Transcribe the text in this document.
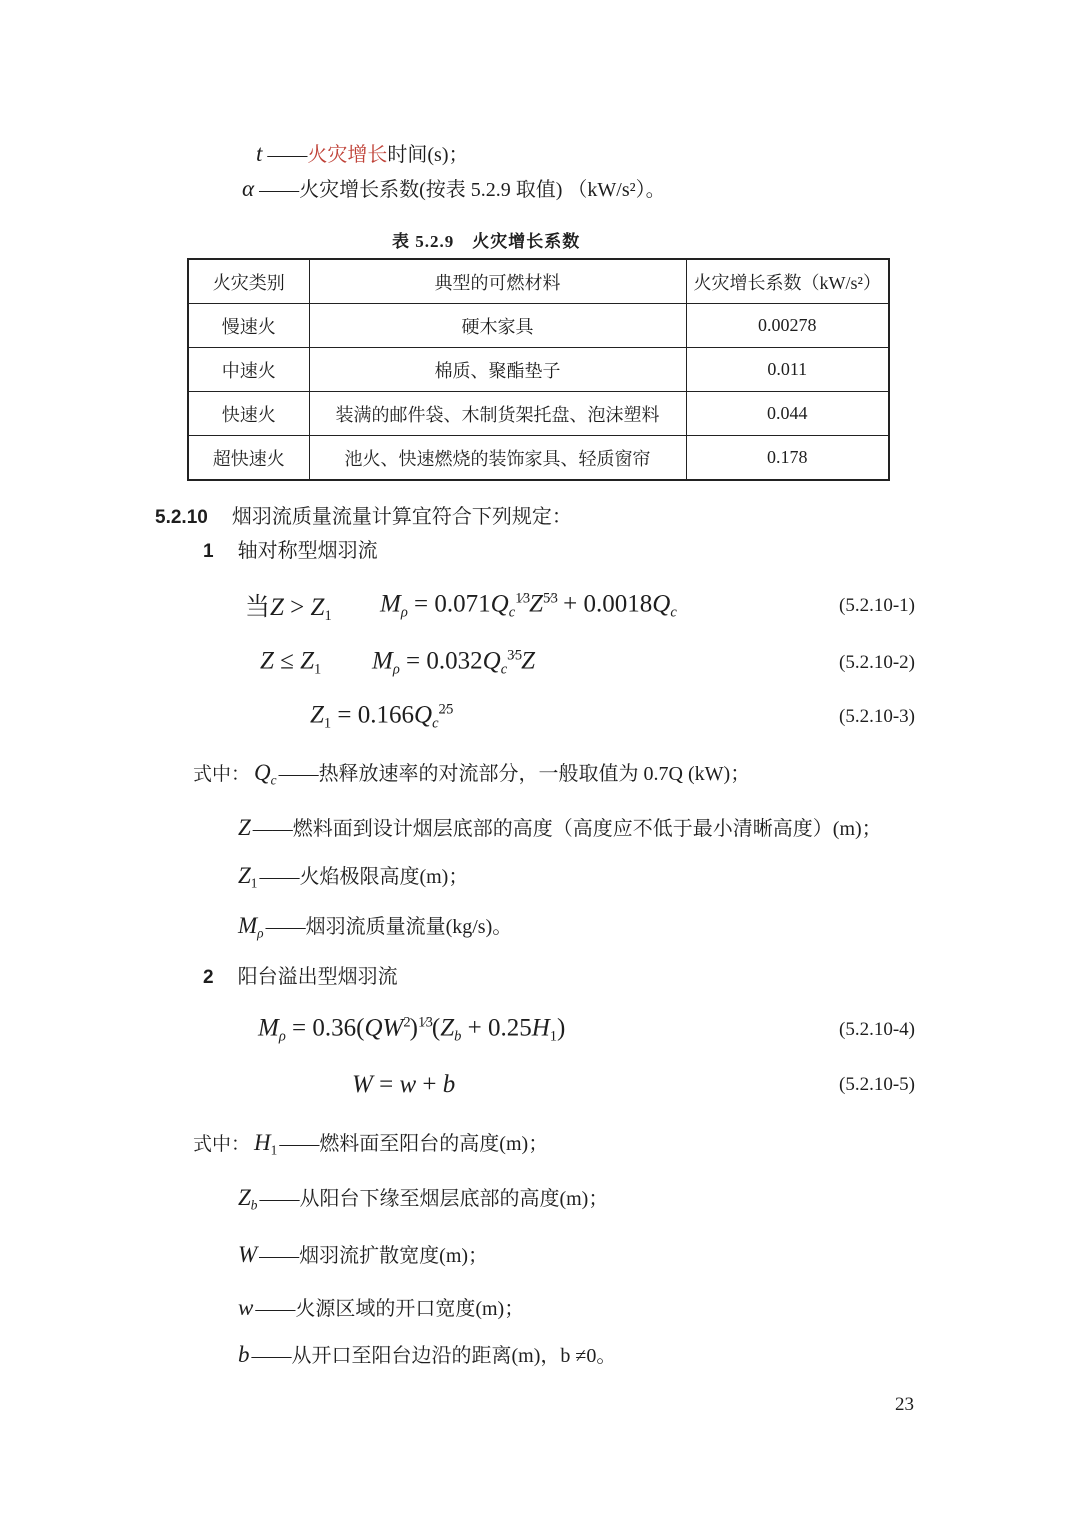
t ——火灾增长时间(s)；

α ——火灾增长系数(按表 5.2.9 取值) （kW/s²）。

表 5.2.9　火灾增长系数

火灾类别	典型的可燃材料	火灾增长系数（kW/s²）
慢速火	硬木家具	0.00278
中速火	棉质、聚酯垫子	0.011
快速火	装满的邮件袋、木制货架托盘、泡沫塑料	0.044
超快速火	池火、快速燃烧的装饰家具、轻质窗帘	0.178

5.2.10 烟羽流质量流量计算宜符合下列规定：

1 轴对称型烟羽流

当$Z > Z_1$ $M_\rho = 0.071Q_c^{1⁄3}Z^{5⁄3} + 0.0018Q_c$	(5.2.10-1)
$Z \le Z_1$ $M_\rho = 0.032Q_c^{3⁄5}Z$	(5.2.10-2)
$Z_1 = 0.166Q_c^{2⁄5}$	(5.2.10-3)
式中： $Q_c$ ——热释放速率的对流部分，一般取值为 0.7Q (kW)；
Z ——燃料面到设计烟层底部的高度（高度应不低于最小清晰高度）(m)；
$Z_1$ ——火焰极限高度(m)；
$M_\rho$ ——烟羽流质量流量(kg/s)。

2 阳台溢出型烟羽流

$M_\rho = 0.36(QW^2)^{1⁄3}(Z_b + 0.25H_1)$	(5.2.10-4)
W = w + b	(5.2.10-5)
式中： $H_1$ ——燃料面至阳台的高度(m)；
$Z_b$ ——从阳台下缘至烟层底部的高度(m)；
W ——烟羽流扩散宽度(m)；
w ——火源区域的开口宽度(m)；
b ——从开口至阳台边沿的距离(m)，b ≠0。

23
